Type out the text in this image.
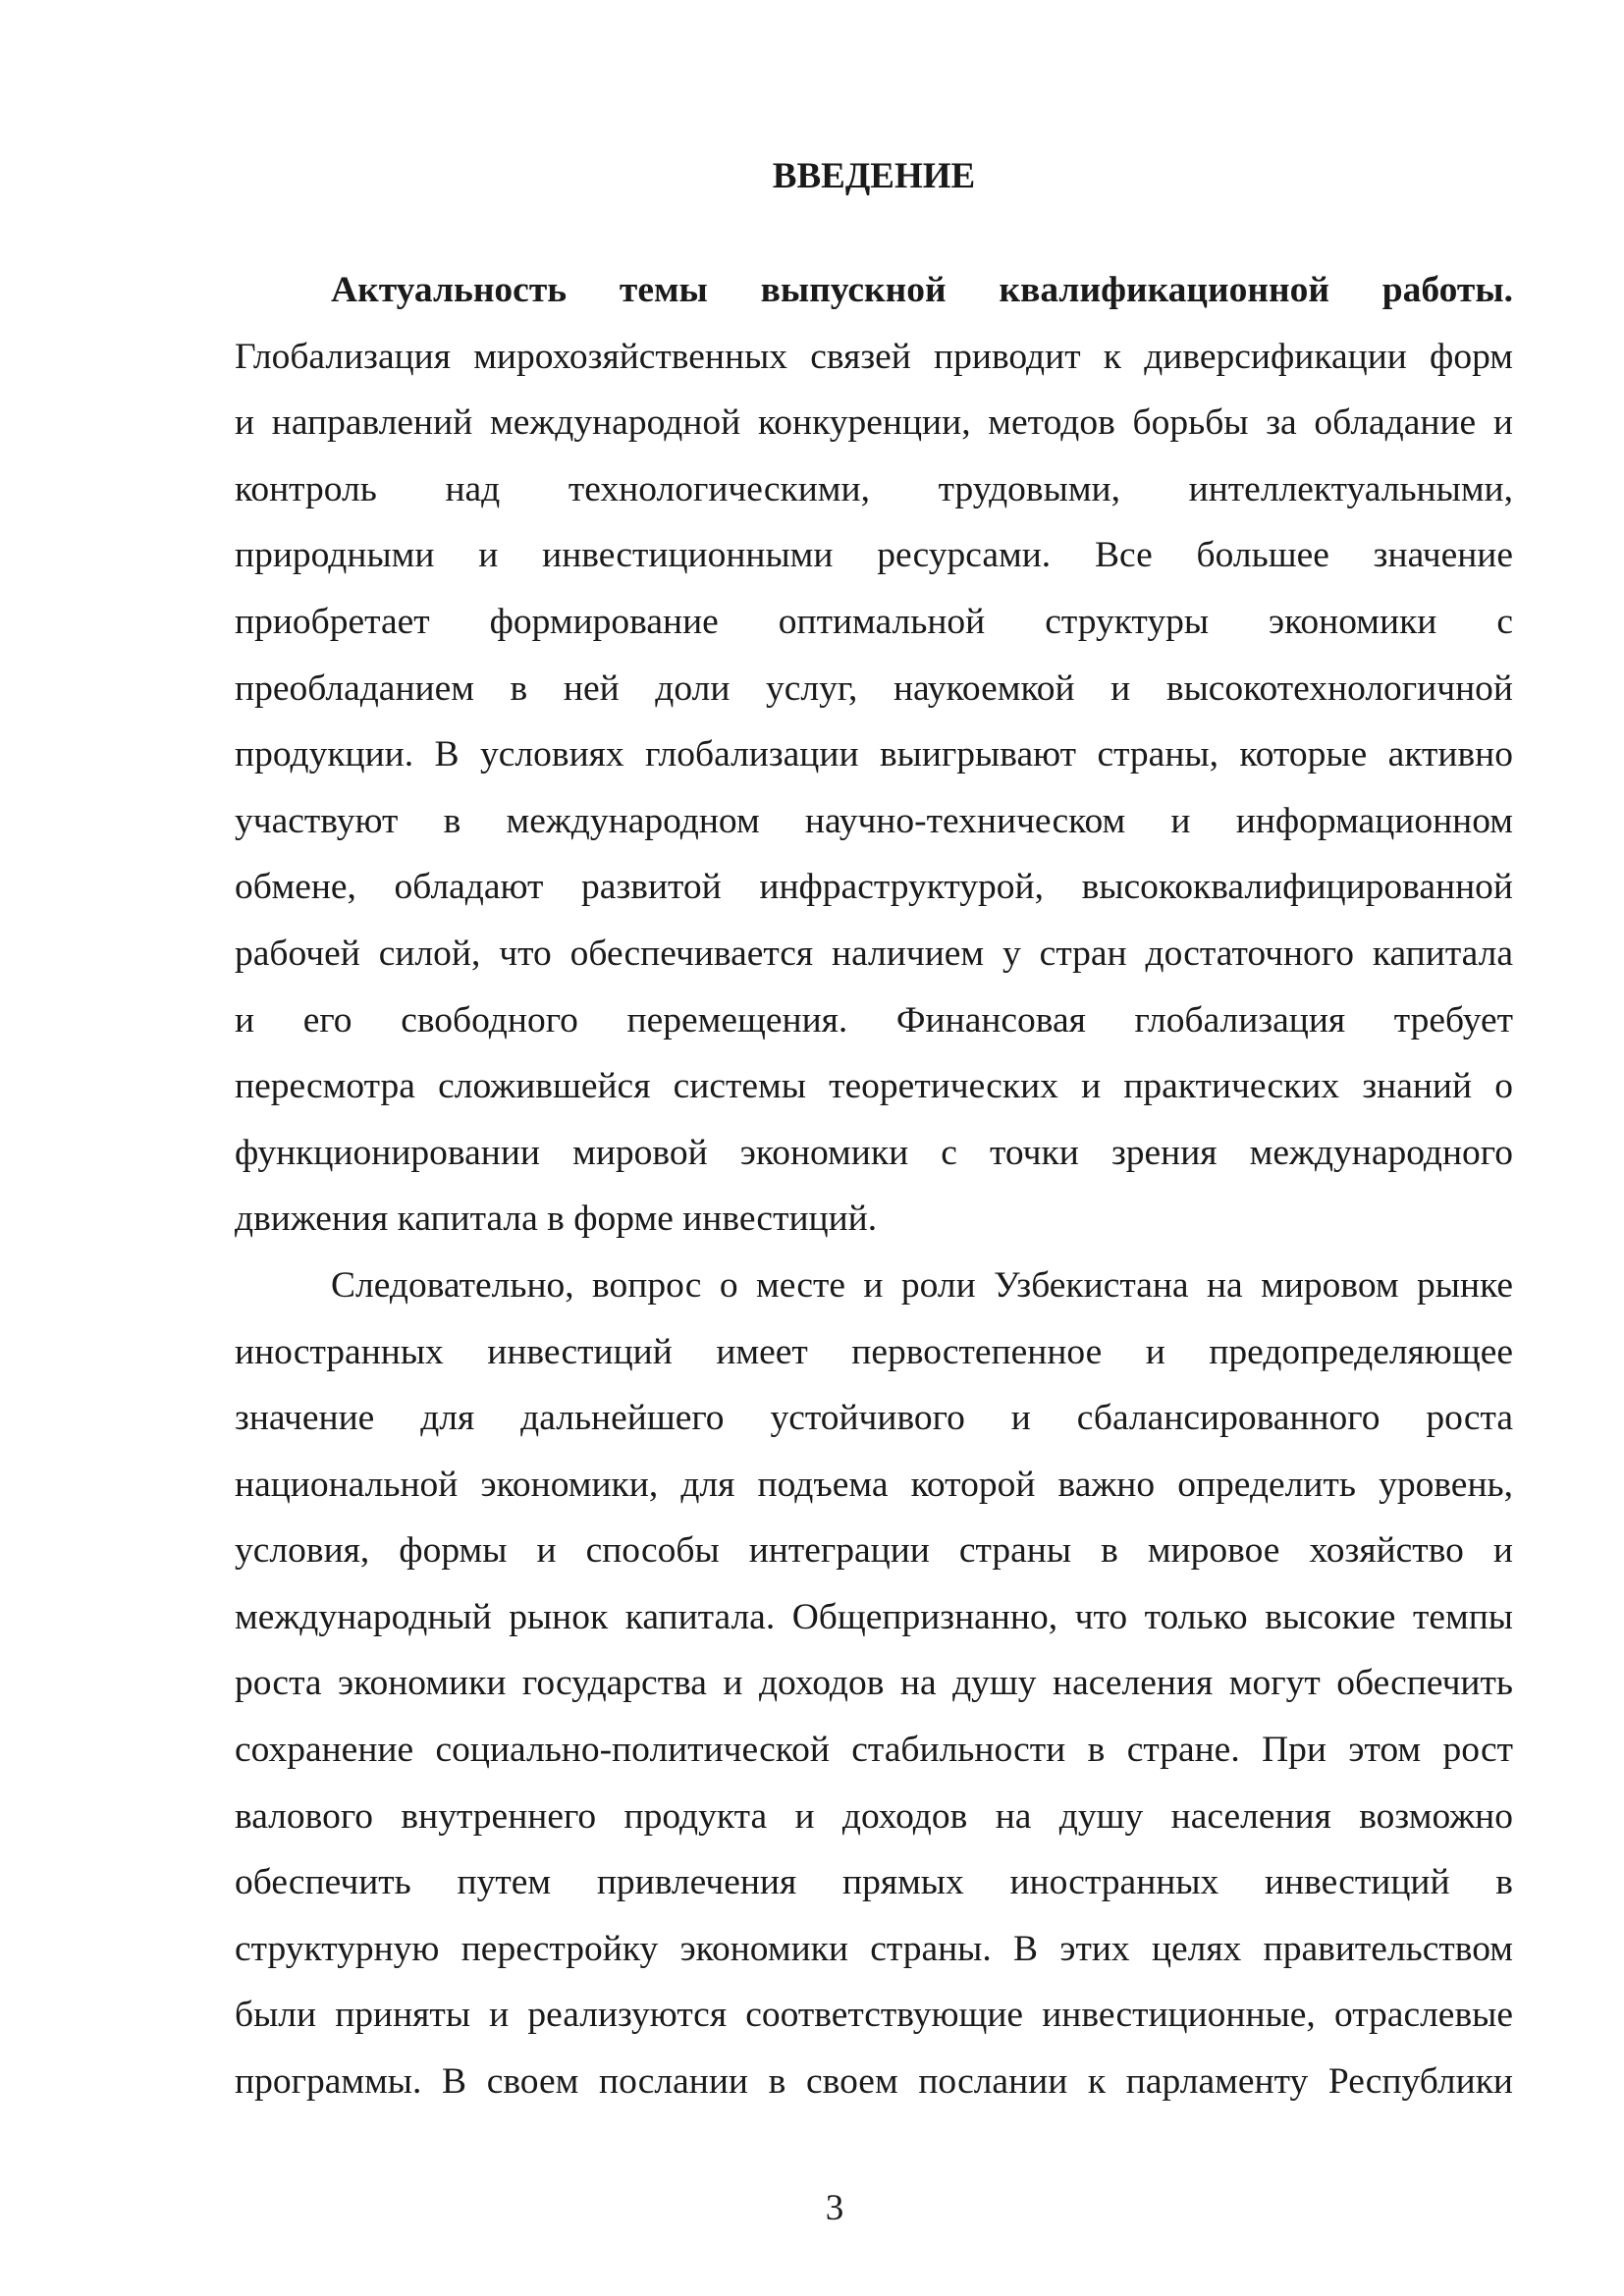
ВВЕДЕНИЕ
Актуальность темы выпускной квалификационной работы.
Глобализация мирохозяйственных связей приводит к диверсификации форм
и направлений международной конкуренции, методов борьбы за обладание и
контроль над технологическими, трудовыми, интеллектуальными,
природными и инвестиционными ресурсами. Все большее значение
приобретает формирование оптимальной структуры экономики с
преобладанием в ней доли услуг, наукоемкой и высокотехнологичной
продукции. В условиях глобализации выигрывают страны, которые активно
участвуют в международном научно-техническом и информационном
обмене, обладают развитой инфраструктурой, высококвалифицированной
рабочей силой, что обеспечивается наличием у стран достаточного капитала
и его свободного перемещения. Финансовая глобализация требует
пересмотра сложившейся системы теоретических и практических знаний о
функционировании мировой экономики с точки зрения международного
движения капитала в форме инвестиций.
Следовательно, вопрос о месте и роли Узбекистана на мировом рынке
иностранных инвестиций имеет первостепенное и предопределяющее
значение для дальнейшего устойчивого и сбалансированного роста
национальной экономики, для подъема которой важно определить уровень,
условия, формы и способы интеграции страны в мировое хозяйство и
международный рынок капитала. Общепризнанно, что только высокие темпы
роста экономики государства и доходов на душу населения могут обеспечить
сохранение социально-политической стабильности в стране. При этом рост
валового внутреннего продукта и доходов на душу населения возможно
обеспечить путем привлечения прямых иностранных инвестиций в
структурную перестройку экономики страны. В этих целях правительством
были приняты и реализуются соответствующие инвестиционные, отраслевые
программы. В своем послании в своем послании к парламенту Республики
3
